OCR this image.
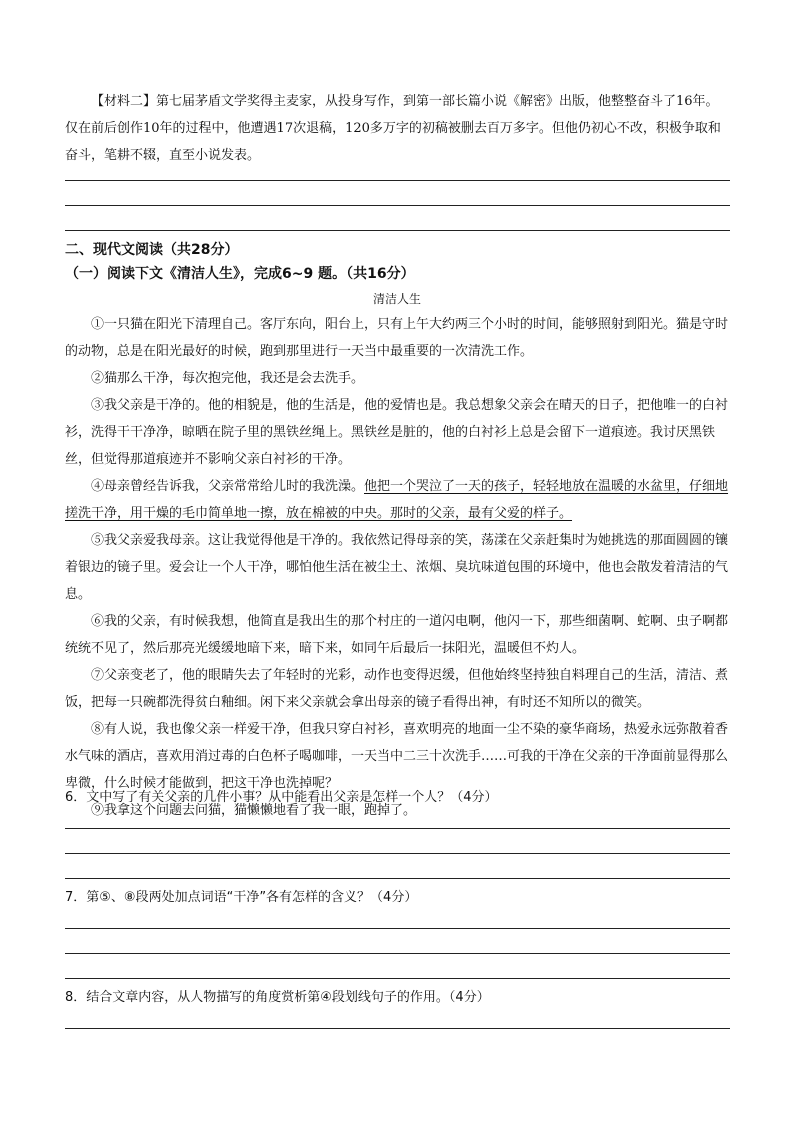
【材料二】第七届茅盾文学奖得主麦家，从投身写作，到第一部长篇小说《解密》出版，他整整奋斗了16年。仅在前后创作10年的过程中，他遭遇17次退稿，120多万字的初稿被删去百万多字。但他仍初心不改，积极争取和奋斗，笔耕不辍，直至小说发表。

二、现代文阅读（共28分）

（一）阅读下文《清洁人生》，完成6~9 题。（共16分）

清洁人生

①一只猫在阳光下清理自己。客厅东向，阳台上，只有上午大约两三个小时的时间，能够照射到阳光。猫是守时的动物，总是在阳光最好的时候，跑到那里进行一天当中最重要的一次清洗工作。

②猫那么干净，每次抱完他，我还是会去洗手。

③我父亲是干净的。他的相貌是，他的生活是，他的爱情也是。我总想象父亲会在晴天的日子，把他唯一的白衬衫，洗得干干净净，晾晒在院子里的黑铁丝绳上。黑铁丝是脏的，他的白衬衫上总是会留下一道痕迹。我讨厌黑铁丝，但觉得那道痕迹并不影响父亲白衬衫的干净。

④母亲曾经告诉我，父亲常常给儿时的我洗澡。他把一个哭泣了一天的孩子，轻轻地放在温暖的水盆里，仔细地搓洗干净，用干燥的毛巾简单地一擦，放在棉被的中央。那时的父亲，最有父爱的样子。

⑤我父亲爱我母亲。这让我觉得他是干净的。我依然记得母亲的笑，荡漾在父亲赶集时为她挑选的那面圆圆的镶着银边的镜子里。爱会让一个人干净，哪怕他生活在被尘土、浓烟、臭坑味道包围的环境中，他也会散发着清洁的气息。

⑥我的父亲，有时候我想，他简直是我出生的那个村庄的一道闪电啊，他闪一下，那些细菌啊、蛇啊、虫子啊都统统不见了，然后那亮光缓缓地暗下来，暗下来，如同午后最后一抹阳光，温暖但不灼人。

⑦父亲变老了，他的眼睛失去了年轻时的光彩，动作也变得迟缓，但他始终坚持独自料理自己的生活，清洁、煮饭，把每一只碗都洗得贫白釉细。闲下来父亲就会拿出母亲的镜子看得出神，有时还不知所以的微笑。

⑧有人说，我也像父亲一样爱干净，但我只穿白衬衫，喜欢明亮的地面一尘不染的豪华商场，热爱永远弥散着香水气味的酒店，喜欢用消过毒的白色杯子喝咖啡，一天当中二三十次洗手……可我的干净在父亲的干净面前显得那么卑微，什么时候才能做到，把这干净也洗掉呢？

⑨我拿这个问题去问猫，猫懒懒地看了我一眼，跑掉了。

6．文中写了有关父亲的几件小事？从中能看出父亲是怎样一个人？（4分）

7．第⑤、⑧段两处加点词语“干净”各有怎样的含义？（4分）

8．结合文章内容，从人物描写的角度赏析第④段划线句子的作用。（4分）
